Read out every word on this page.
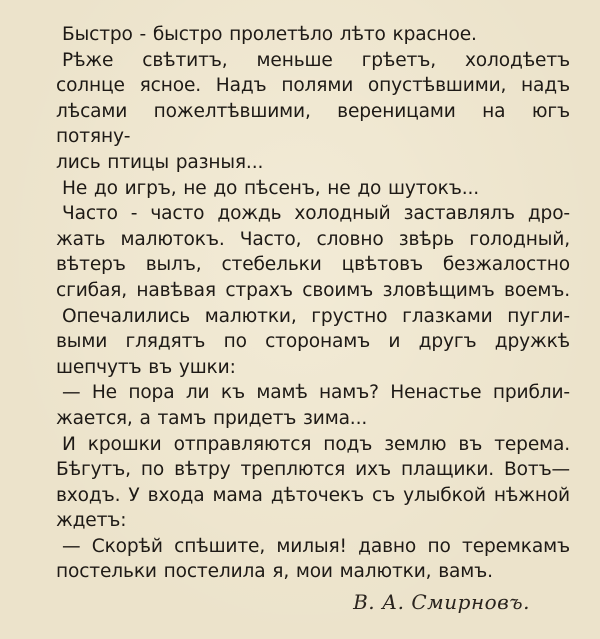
Быстро - быстро пролетѣло лѣто красное.
Рѣже свѣтитъ, меньше грѣетъ, холодѣетъ
солнце ясное. Надъ полями опустѣвшими, надъ
лѣсами пожелтѣвшими, вереницами на югъ потяну-
лись птицы разныя...
Не до игръ, не до пѣсенъ, не до шутокъ...
Часто - часто дождь холодный заставлялъ дро-
жать малютокъ. Часто, словно звѣрь голодный,
вѣтеръ вылъ, стебельки цвѣтовъ безжалостно
сгибая, навѣвая страхъ своимъ зловѣщимъ воемъ.
Опечалились малютки, грустно глазками пугли-
выми глядятъ по сторонамъ и другъ дружкѣ
шепчутъ въ ушки:
— Не пора ли къ мамѣ намъ? Ненастье прибли-
жается, а тамъ придетъ зима...
И крошки отправляются подъ землю въ терема.
Бѣгутъ, по вѣтру треплются ихъ плащики. Вотъ—
входъ. У входа мама дѣточекъ съ улыбкой нѣжной
ждетъ:
— Скорѣй спѣшите, милыя! давно по теремкамъ
постельки постелила я, мои малютки, вамъ.
В. А. Смирновъ.
